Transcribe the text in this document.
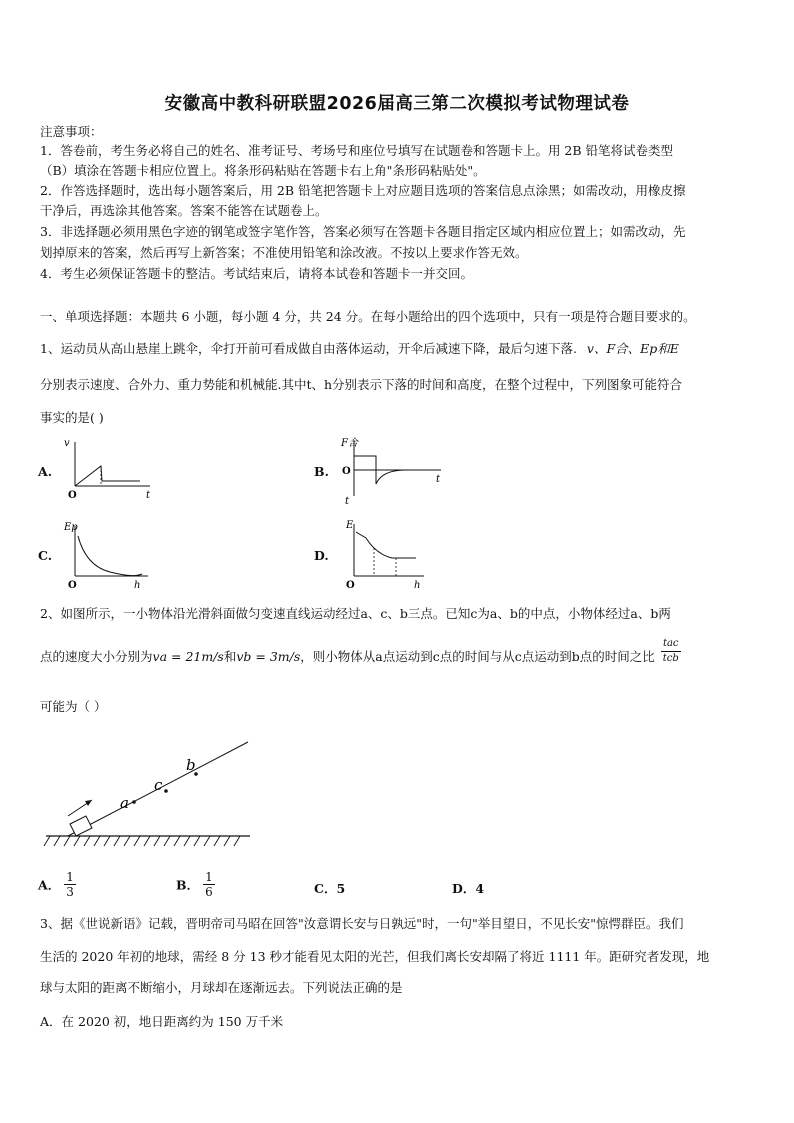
安徽高中教科研联盟2026届高三第二次模拟考试物理试卷
注意事项：
1．答卷前，考生务必将自己的姓名、准考证号、考场号和座位号填写在试题卷和答题卡上。用 2B 铅笔将试卷类型
（B）填涂在答题卡相应位置上。将条形码粘贴在答题卡右上角"条形码粘贴处"。
2．作答选择题时，选出每小题答案后，用 2B 铅笔把答题卡上对应题目选项的答案信息点涂黑；如需改动，用橡皮擦
干净后，再选涂其他答案。答案不能答在试题卷上。
3．非选择题必须用黑色字迹的钢笔或签字笔作答，答案必须写在答题卡各题目指定区域内相应位置上；如需改动，先
划掉原来的答案，然后再写上新答案；不准使用铅笔和涂改液。不按以上要求作答无效。
4．考生必须保证答题卡的整洁。考试结束后，请将本试卷和答题卡一并交回。
一、单项选择题：本题共 6 小题，每小题 4 分，共 24 分。在每小题给出的四个选项中，只有一项是符合题目要求的。
1、运动员从高山悬崖上跳伞，伞打开前可看成做自由落体运动，开伞后减速下降，最后匀速下落. v、F合、Ep和E
分别表示速度、合外力、重力势能和机械能.其中t、h分别表示下落的时间和高度，在整个过程中，下列图象可能符合
事实的是( )
A.
v
t
O
B.
F合
t
O
t
C.
Ep
h
O
D.
E
h
O
2、如图所示，一小物体沿光滑斜面做匀变速直线运动经过a、c、b三点。已知c为a、b的中点，小物体经过a、b两
点的速度大小分别为va = 21m/s和vb = 3m/s，则小物体从a点运动到c点的时间与从c点运动到b点的时间之比 $\frac{\text{tac}}{\text{tcb}}$
可能为（ ）
a
c
b
A． $\frac{1}{3}$	B． $\frac{1}{6}$	C．5	D．4
3、据《世说新语》记载，晋明帝司马昭在回答"汝意谓长安与日孰远"时，一句"举目望日，不见长安"惊愕群臣。我们
生活的 2020 年初的地球，需经 8 分 13 秒才能看见太阳的光芒，但我们离长安却隔了将近 1111 年。距研究者发现，地
球与太阳的距离不断缩小，月球却在逐渐远去。下列说法正确的是
A．在 2020 初，地日距离约为 150 万千米
